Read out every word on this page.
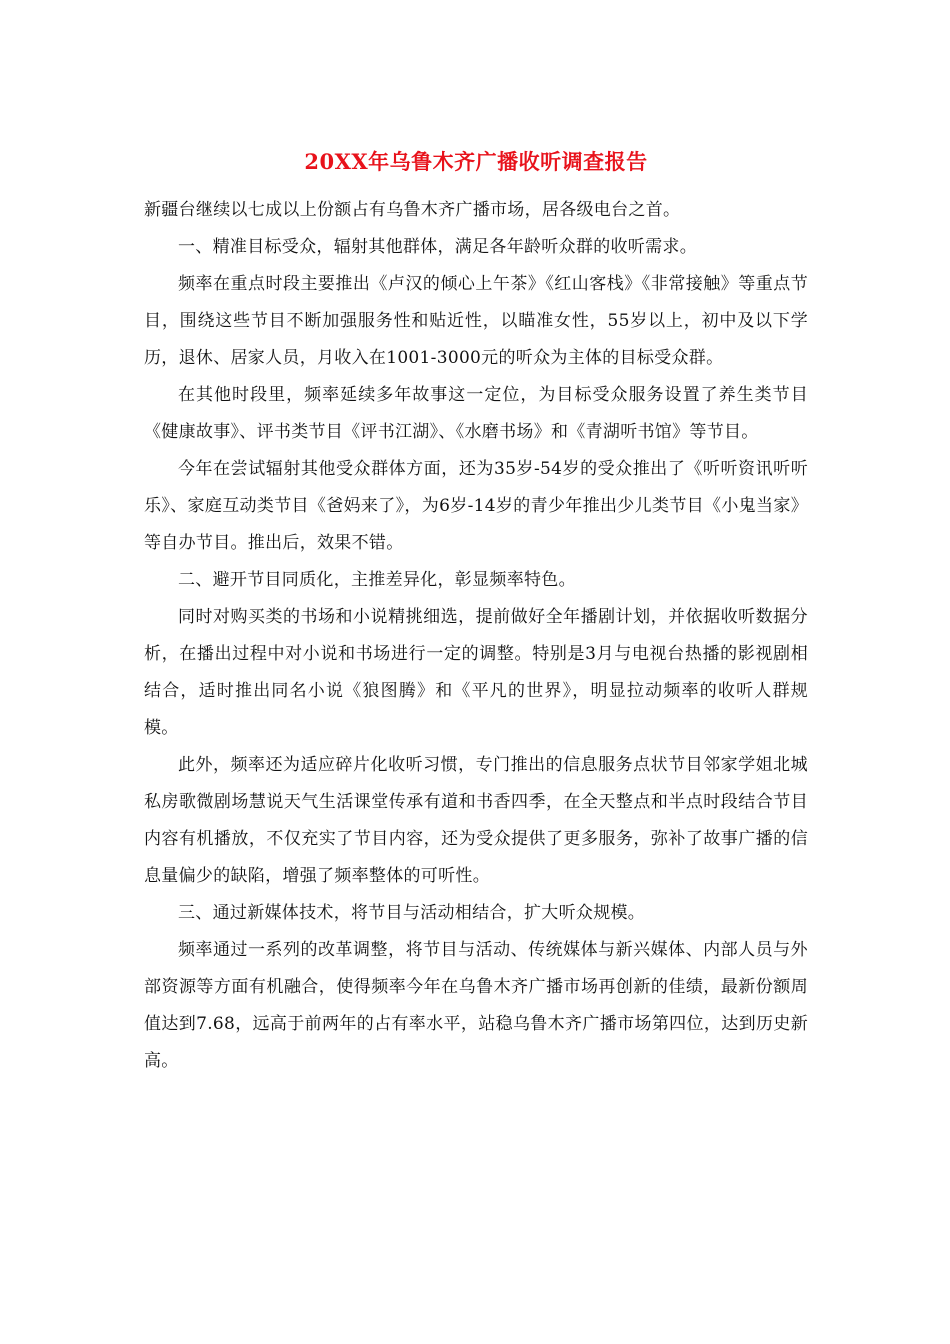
20XX年乌鲁木齐广播收听调查报告

新疆台继续以七成以上份额占有乌鲁木齐广播市场，居各级电台之首。

一、精准目标受众，辐射其他群体，满足各年龄听众群的收听需求。

频率在重点时段主要推出《卢汉的倾心上午茶》《红山客栈》《非常接触》等重点节目，围绕这些节目不断加强服务性和贴近性，以瞄准女性，55岁以上，初中及以下学历，退休、居家人员，月收入在1001-3000元的听众为主体的目标受众群。

在其他时段里，频率延续多年故事这一定位，为目标受众服务设置了养生类节目《健康故事》、评书类节目《评书江湖》、《水磨书场》和《青湖听书馆》等节目。

今年在尝试辐射其他受众群体方面，还为35岁-54岁的受众推出了《听听资讯听听乐》、家庭互动类节目《爸妈来了》，为6岁-14岁的青少年推出少儿类节目《小鬼当家》等自办节目。推出后，效果不错。

二、避开节目同质化，主推差异化，彰显频率特色。

同时对购买类的书场和小说精挑细选，提前做好全年播剧计划，并依据收听数据分析，在播出过程中对小说和书场进行一定的调整。特别是3月与电视台热播的影视剧相结合，适时推出同名小说《狼图腾》和《平凡的世界》，明显拉动频率的收听人群规模。

此外，频率还为适应碎片化收听习惯，专门推出的信息服务点状节目邻家学姐北城私房歌微剧场慧说天气生活课堂传承有道和书香四季，在全天整点和半点时段结合节目内容有机播放，不仅充实了节目内容，还为受众提供了更多服务，弥补了故事广播的信息量偏少的缺陷，增强了频率整体的可听性。

三、通过新媒体技术，将节目与活动相结合，扩大听众规模。

频率通过一系列的改革调整，将节目与活动、传统媒体与新兴媒体、内部人员与外部资源等方面有机融合，使得频率今年在乌鲁木齐广播市场再创新的佳绩，最新份额周值达到7.68，远高于前两年的占有率水平，站稳乌鲁木齐广播市场第四位，达到历史新高。
